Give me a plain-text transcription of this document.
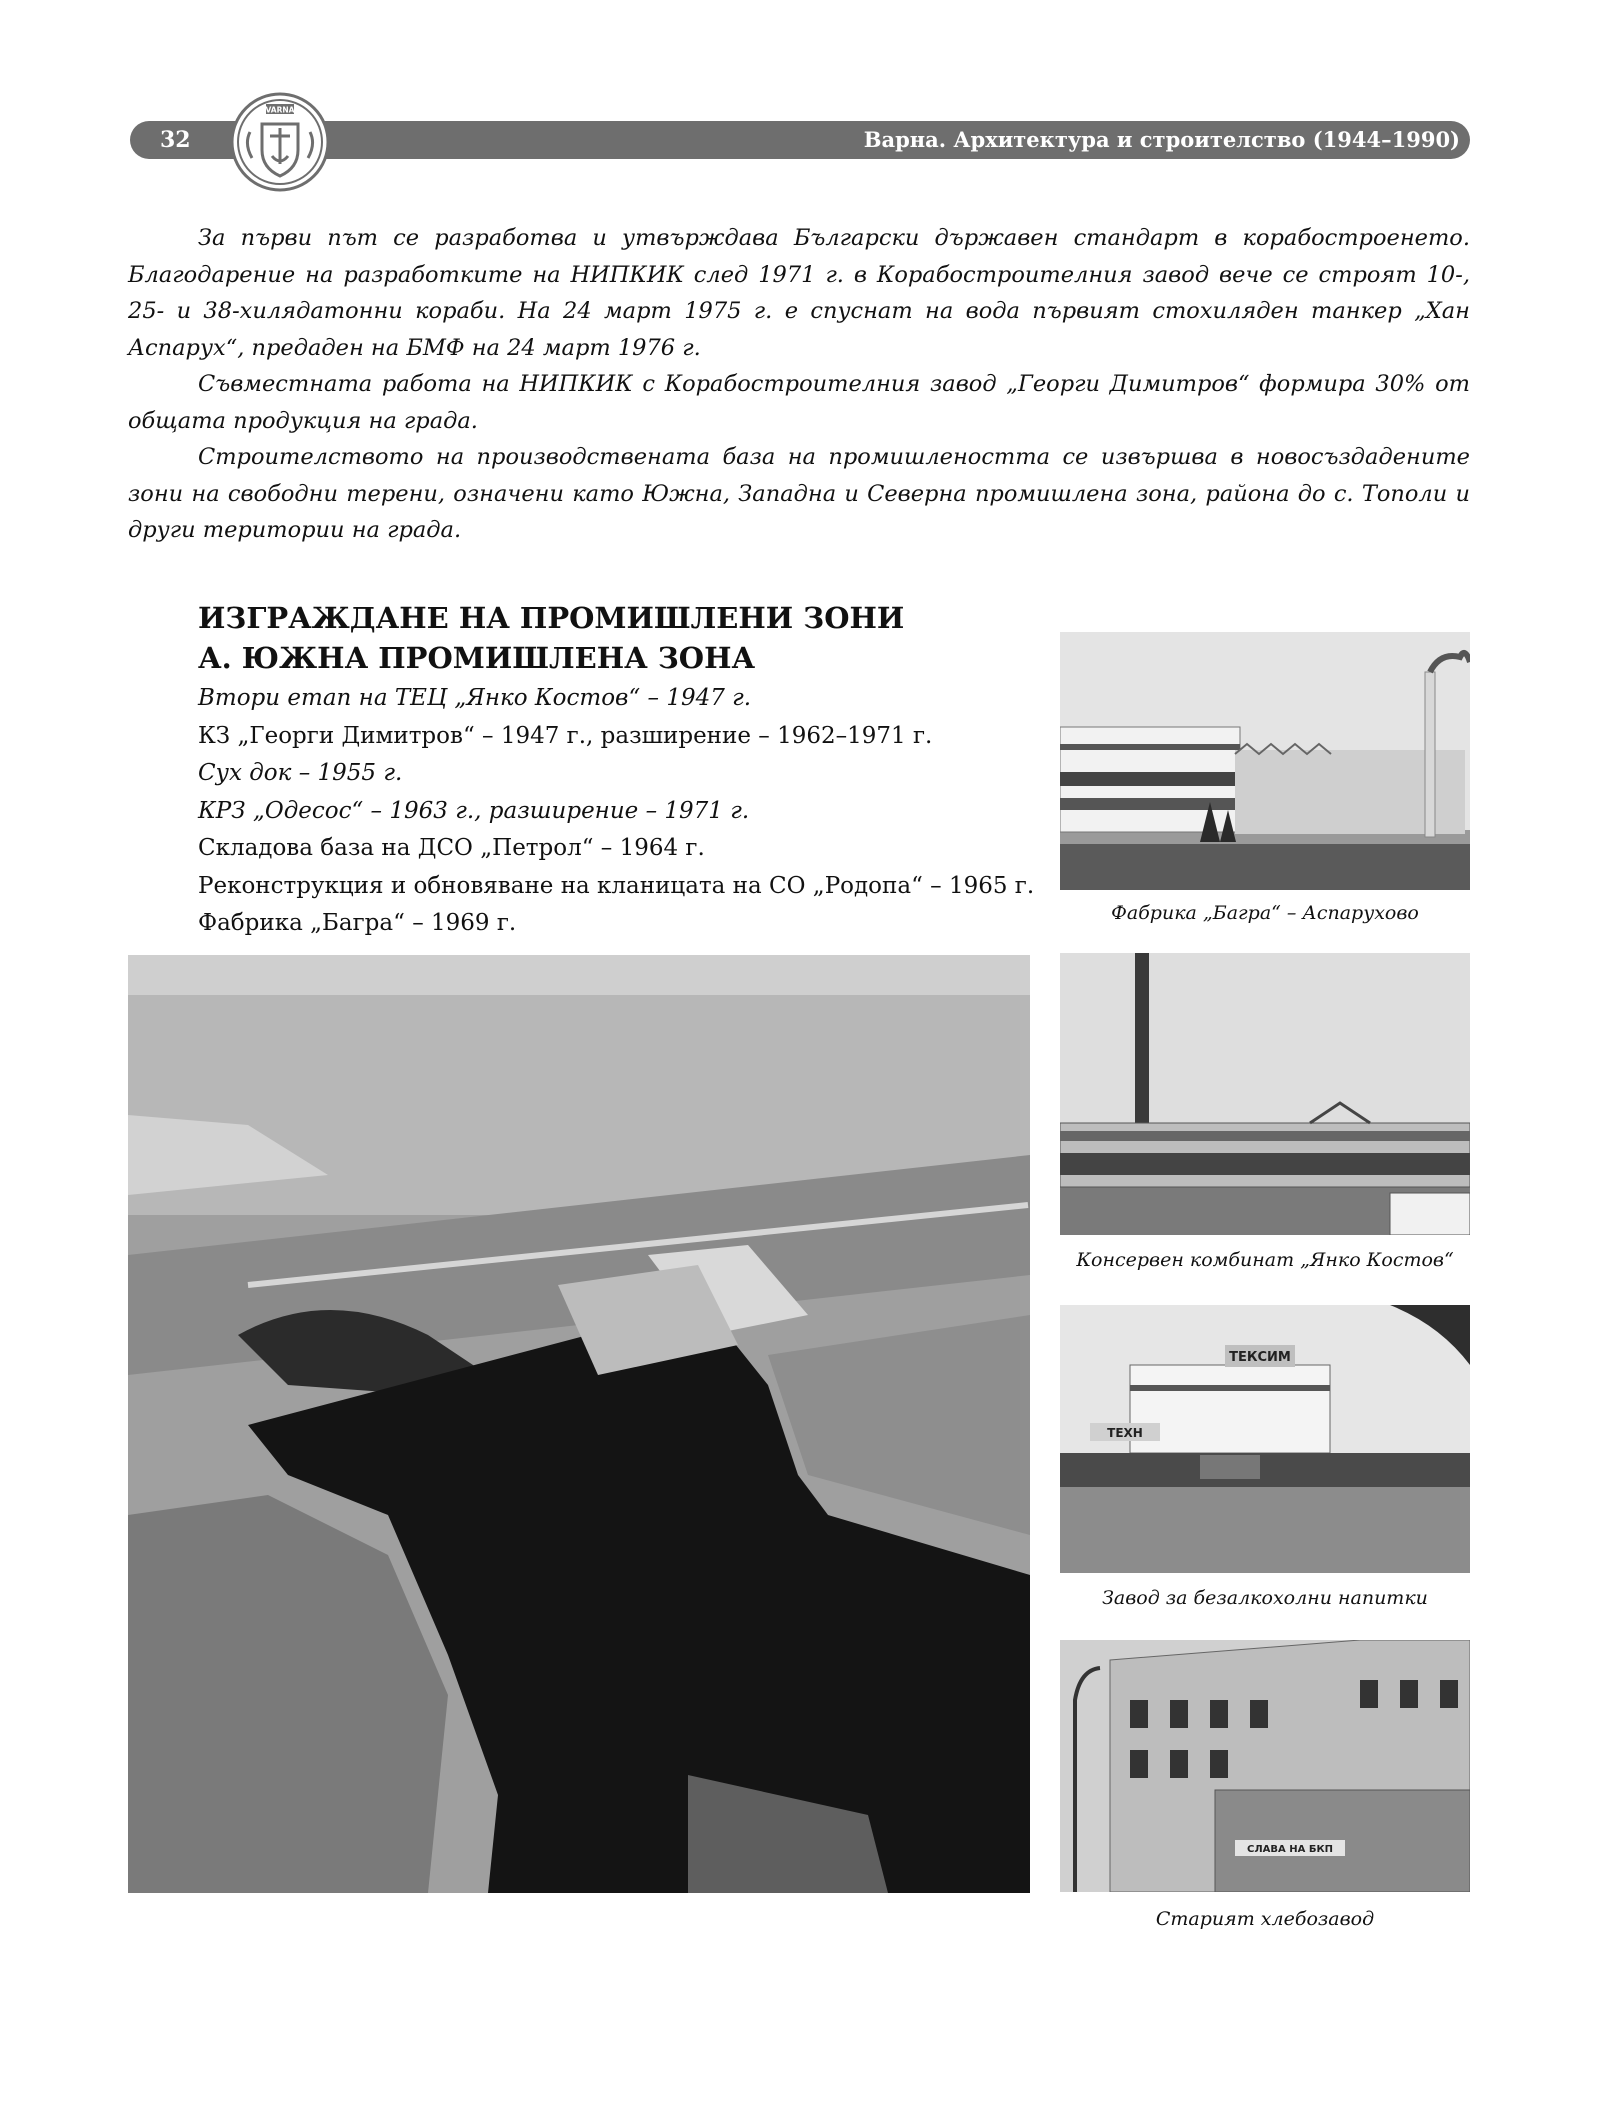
32
VARNA
Варна. Архитектура и строителство (1944–1990)

За първи път се разработва и утвърждава Български държавен стандарт в корабостроенето. Благодарение на разработките на НИПКИК след 1971 г. в Корабостроителния завод вече се строят 10-, 25- и 38-хилядатонни кораби. На 24 март 1975 г. е спуснат на вода първият стохиляден танкер „Хан Аспарух“, предаден на БМФ на 24 март 1976 г.

Съвместната работа на НИПКИК с Корабостроителния завод „Георги Димитров“ формира 30% от общата продукция на града.

Строителството на производствената база на промишлеността се извършва в новосъздадените зони на свободни терени, означени като Южна, Западна и Северна промишлена зона, района до с. Тополи и други територии на града.

ИЗГРАЖДАНЕ НА ПРОМИШЛЕНИ ЗОНИ
А. ЮЖНА ПРОМИШЛЕНА ЗОНА
Втори етап на ТЕЦ „Янко Костов“ – 1947 г.
КЗ „Георги Димитров“ – 1947 г., разширение – 1962–1971 г.
Сух док – 1955 г.
КРЗ „Одесос“ – 1963 г., разширение – 1971 г.
Складова база на ДСО „Петрол“ – 1964 г.
Реконструкция и обновяване на кланицата на СО „Родопа“ – 1965 г.
Фабрика „Багра“ – 1969 г.	Фабрика „Багра“ – Аспарухово
Консервен комбинат „Янко Костов“
ТЕКСИМ
ТЕХН
Завод за безалкохолни напитки
СЛАВА НА БКП
Старият хлебозавод
